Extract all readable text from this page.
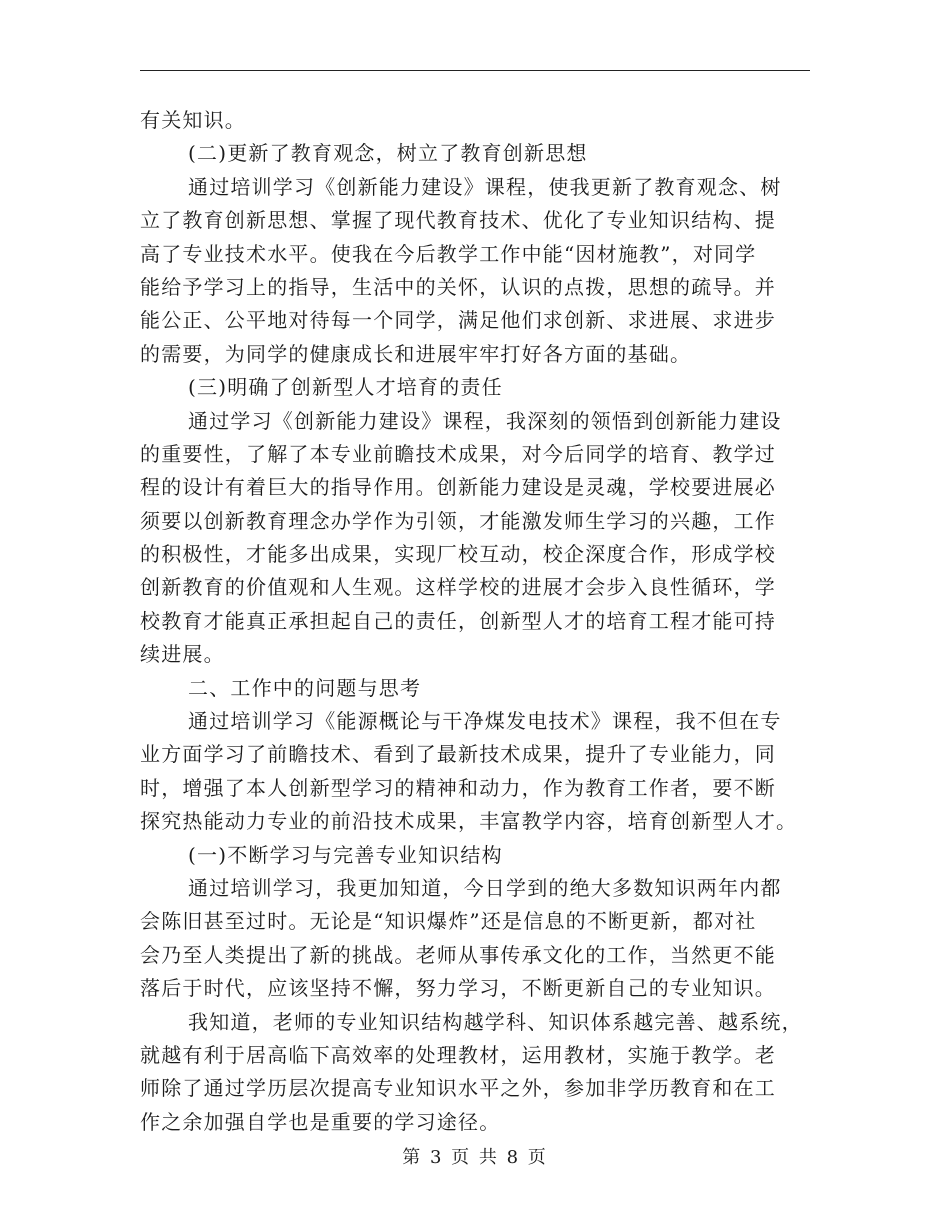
有关知识。
(二)更新了教育观念，树立了教育创新思想
通过培训学习《创新能力建设》课程，使我更新了教育观念、树
立了教育创新思想、掌握了现代教育技术、优化了专业知识结构、提
高了专业技术水平。使我在今后教学工作中能“因材施教”，对同学
能给予学习上的指导，生活中的关怀，认识的点拨，思想的疏导。并
能公正、公平地对待每一个同学，满足他们求创新、求进展、求进步
的需要，为同学的健康成长和进展牢牢打好各方面的基础。
(三)明确了创新型人才培育的责任
通过学习《创新能力建设》课程，我深刻的领悟到创新能力建设
的重要性，了解了本专业前瞻技术成果，对今后同学的培育、教学过
程的设计有着巨大的指导作用。创新能力建设是灵魂，学校要进展必
须要以创新教育理念办学作为引领，才能激发师生学习的兴趣，工作
的积极性，才能多出成果，实现厂校互动，校企深度合作，形成学校
创新教育的价值观和人生观。这样学校的进展才会步入良性循环，学
校教育才能真正承担起自己的责任，创新型人才的培育工程才能可持
续进展。
二、工作中的问题与思考
通过培训学习《能源概论与干净煤发电技术》课程，我不但在专
业方面学习了前瞻技术、看到了最新技术成果，提升了专业能力，同
时，增强了本人创新型学习的精神和动力，作为教育工作者，要不断
探究热能动力专业的前沿技术成果，丰富教学内容，培育创新型人才。
(一)不断学习与完善专业知识结构
通过培训学习，我更加知道，今日学到的绝大多数知识两年内都
会陈旧甚至过时。无论是“知识爆炸”还是信息的不断更新，都对社
会乃至人类提出了新的挑战。老师从事传承文化的工作，当然更不能
落后于时代，应该坚持不懈，努力学习，不断更新自己的专业知识。
我知道，老师的专业知识结构越学科、知识体系越完善、越系统，
就越有利于居高临下高效率的处理教材，运用教材，实施于教学。老
师除了通过学历层次提高专业知识水平之外，参加非学历教育和在工
作之余加强自学也是重要的学习途径。
第 3 页 共 8 页
